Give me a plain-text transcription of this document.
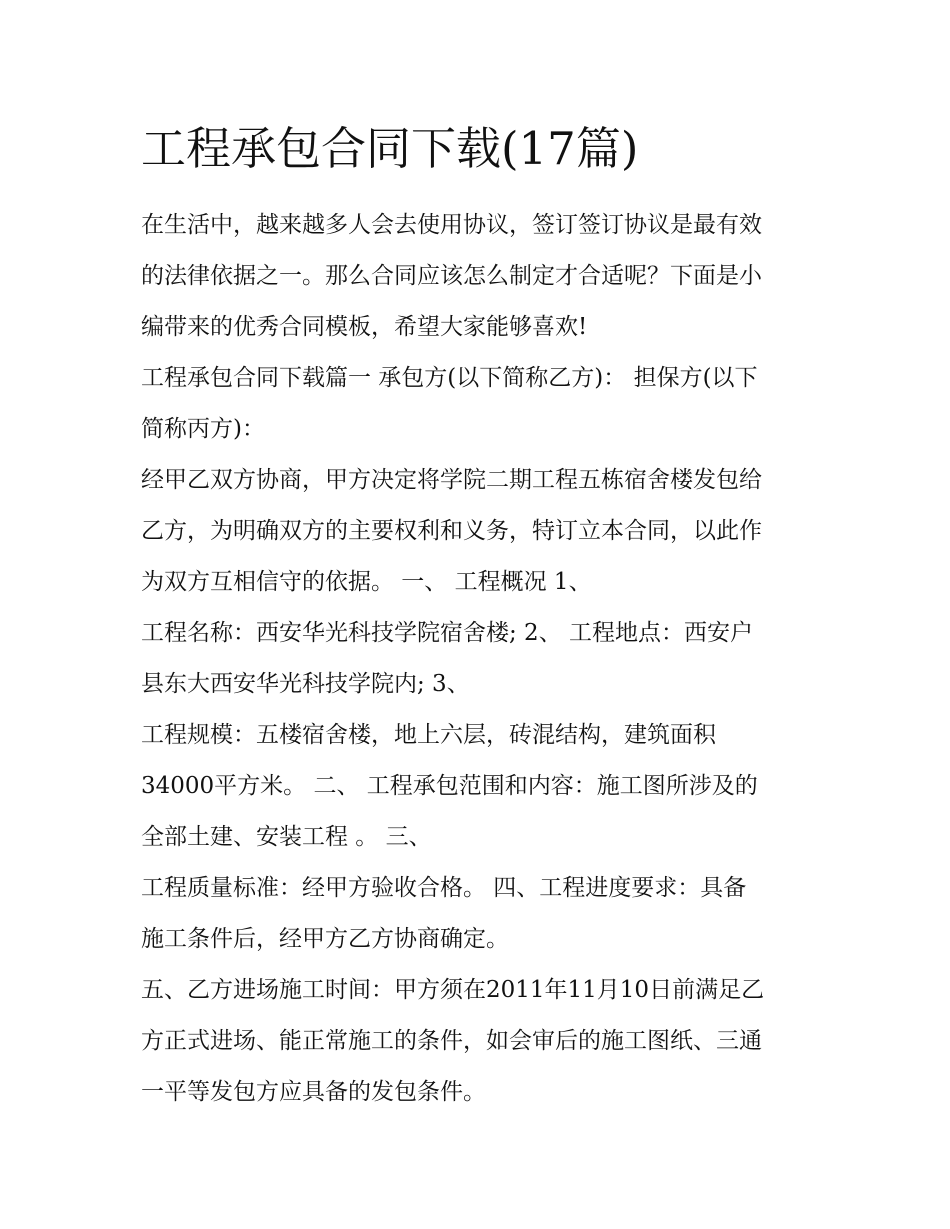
工程承包合同下载(17篇)
在生活中，越来越多人会去使用协议，签订签订协议是最有效
的法律依据之一。那么合同应该怎么制定才合适呢？下面是小
编带来的优秀合同模板，希望大家能够喜欢!
工程承包合同下载篇一 承包方(以下简称乙方)： 担保方(以下
简称丙方)：
经甲乙双方协商，甲方决定将学院二期工程五栋宿舍楼发包给
乙方，为明确双方的主要权利和义务，特订立本合同，以此作
为双方互相信守的依据。 一、 工程概况 1、
工程名称：西安华光科技学院宿舍楼; 2、 工程地点：西安户
县东大西安华光科技学院内; 3、
工程规模：五楼宿舍楼，地上六层，砖混结构，建筑面积
34000平方米。 二、 工程承包范围和内容：施工图所涉及的
全部土建、安装工程 。 三、
工程质量标准：经甲方验收合格。 四、工程进度要求：具备
施工条件后，经甲方乙方协商确定。
五、乙方进场施工时间：甲方须在2011年11月10日前满足乙
方正式进场、能正常施工的条件，如会审后的施工图纸、三通
一平等发包方应具备的发包条件。
